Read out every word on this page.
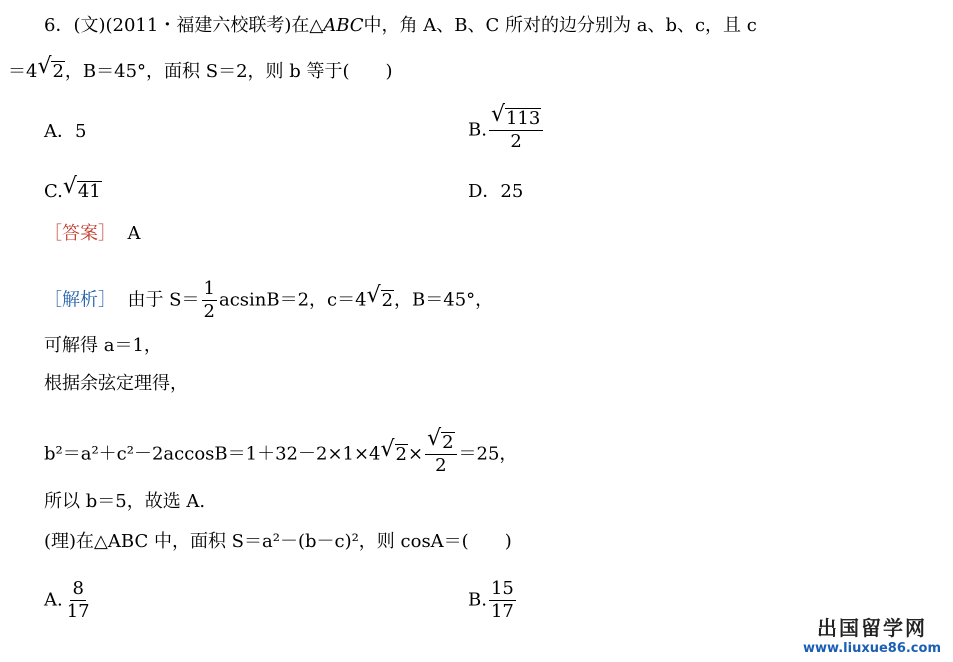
6．(文)(2011・福建六校联考)在△ABC中，角 A、B、C 所对的边分别为 a、b、c，且 c
＝4 √ 2，B＝45°，面积 S＝2，则 b 等于(　　)
A．5	B. $\frac{√ 113}{2}$
C. √ 41	D．25
［答案］ A
［解析］ 由于 $S= \frac{1}{2} acsinB=2$，c＝4 √ 2，B＝45°，
可解得 a＝1，
根据余弦定理得，
b²＝a²＋c²－2accosB＝1＋32－2×1×4 √ $2\times \frac{√ 2}{2} =25$，
所以 b＝5，故选 A.
(理)在△ABC 中，面积 S＝a²－(b－c)²，则 cosA＝(　　)
A. $\frac{8}{17}$	B. $\frac{15}{17}$
出国留学网
www.liuxue86.com
